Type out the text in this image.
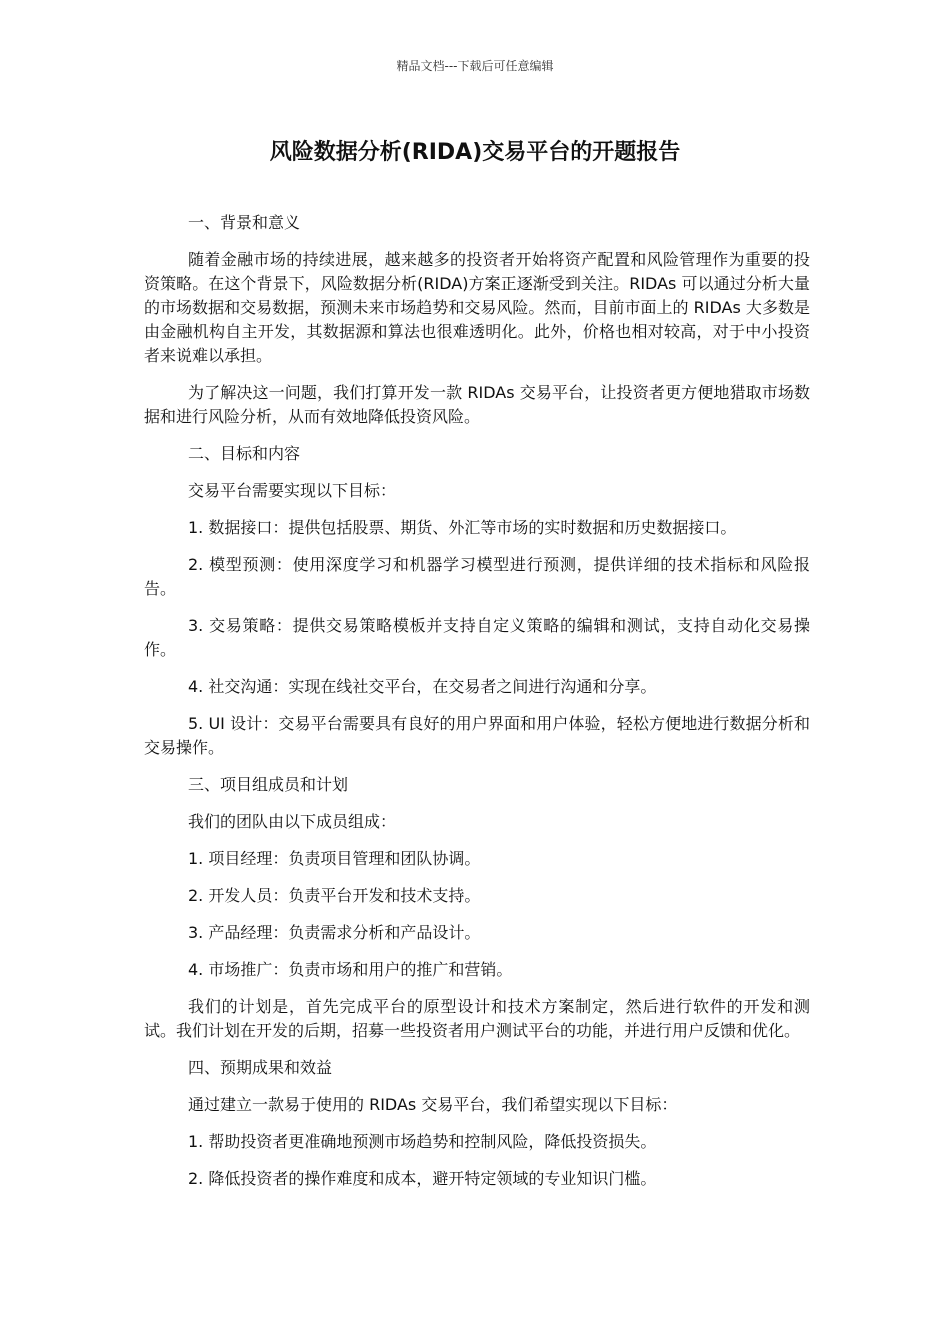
精品文档---下载后可任意编辑
风险数据分析(RIDA)交易平台的开题报告

一、背景和意义

随着金融市场的持续进展，越来越多的投资者开始将资产配置和风险管理作为重要的投资策略。在这个背景下，风险数据分析(RIDA)方案正逐渐受到关注。RIDAs 可以通过分析大量的市场数据和交易数据，预测未来市场趋势和交易风险。然而，目前市面上的 RIDAs 大多数是由金融机构自主开发，其数据源和算法也很难透明化。此外，价格也相对较高，对于中小投资者来说难以承担。

为了解决这一问题，我们打算开发一款 RIDAs 交易平台，让投资者更方便地猎取市场数据和进行风险分析，从而有效地降低投资风险。

二、目标和内容

交易平台需要实现以下目标：

1. 数据接口：提供包括股票、期货、外汇等市场的实时数据和历史数据接口。

2. 模型预测：使用深度学习和机器学习模型进行预测，提供详细的技术指标和风险报告。

3. 交易策略：提供交易策略模板并支持自定义策略的编辑和测试，支持自动化交易操作。

4. 社交沟通：实现在线社交平台，在交易者之间进行沟通和分享。

5. UI 设计：交易平台需要具有良好的用户界面和用户体验，轻松方便地进行数据分析和交易操作。

三、项目组成员和计划

我们的团队由以下成员组成：

1. 项目经理：负责项目管理和团队协调。

2. 开发人员：负责平台开发和技术支持。

3. 产品经理：负责需求分析和产品设计。

4. 市场推广：负责市场和用户的推广和营销。

我们的计划是，首先完成平台的原型设计和技术方案制定，然后进行软件的开发和测试。我们计划在开发的后期，招募一些投资者用户测试平台的功能，并进行用户反馈和优化。

四、预期成果和效益

通过建立一款易于使用的 RIDAs 交易平台，我们希望实现以下目标：

1. 帮助投资者更准确地预测市场趋势和控制风险，降低投资损失。

2. 降低投资者的操作难度和成本，避开特定领域的专业知识门槛。
